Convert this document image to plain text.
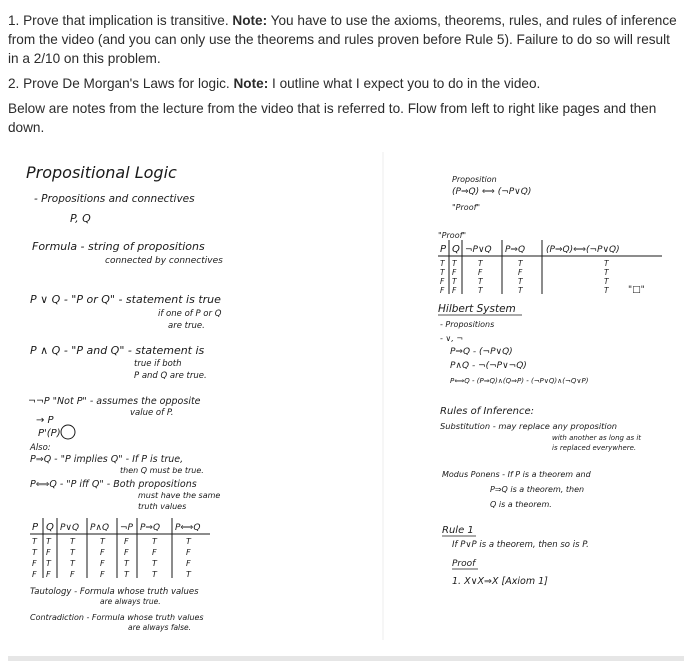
1. Prove that implication is transitive. Note: You have to use the axioms, theorems, rules, and rules of inference from the video (and you can only use the theorems and rules proven before Rule 5). Failure to do so will result in a 2/10 on this problem.

2. Prove De Morgan's Laws for logic. Note: I outline what I expect you to do in the video.

Below are notes from the lecture from the video that is referred to. Flow from left to right like pages and then down.

Propositional Logic
- Propositions and connectives
P, Q
Formula - string of propositions
connected by connectives
P ∨ Q - "P or Q" - statement is true
if one of P or Q
are true.
P ∧ Q - "P and Q" - statement is
true if both
P and Q are true.
¬¬P "Not P" - assumes the opposite
value of P.
→ P
P'(P)
Also:
P⇒Q - "P implies Q" - If P is true,
then Q must be true.
P⟺Q - "P iff Q" - Both propositions
must have the same
truth values
P Q P∨Q P∧Q ¬P P⇒Q P⟺Q
T T T	T F	T	T
T F T	F F	F	F
F T T	F T	T	F
F F F	F T	T	T
Tautology - Formula whose truth values
are always true.
Contradiction - Formula whose truth values
are always false.
Proposition
(P⇒Q) ⟺ (¬P∨Q)
"Proof"
"Proof"
P Q ¬P∨Q P⇒Q (P⇒Q)⟺(¬P∨Q)
T T	T	T	T
T F	F	F	T
F T	T	T	T
F F	T	T	T "□"
Hilbert System
- Propositions
- ∨, ¬
P⇒Q - (¬P∨Q)
P∧Q - ¬(¬P∨¬Q)
P⟺Q - (P⇒Q)∧(Q⇒P) - (¬P∨Q)∧(¬Q∨P)
Rules of Inference:
Substitution - may replace any proposition
with another as long as it
is replaced everywhere.
Modus Ponens - If P is a theorem and
P⇒Q is a theorem, then
Q is a theorem.
Rule 1
If P∨P is a theorem, then so is P.
Proof
1. X∨X⇒X [Axiom 1]
